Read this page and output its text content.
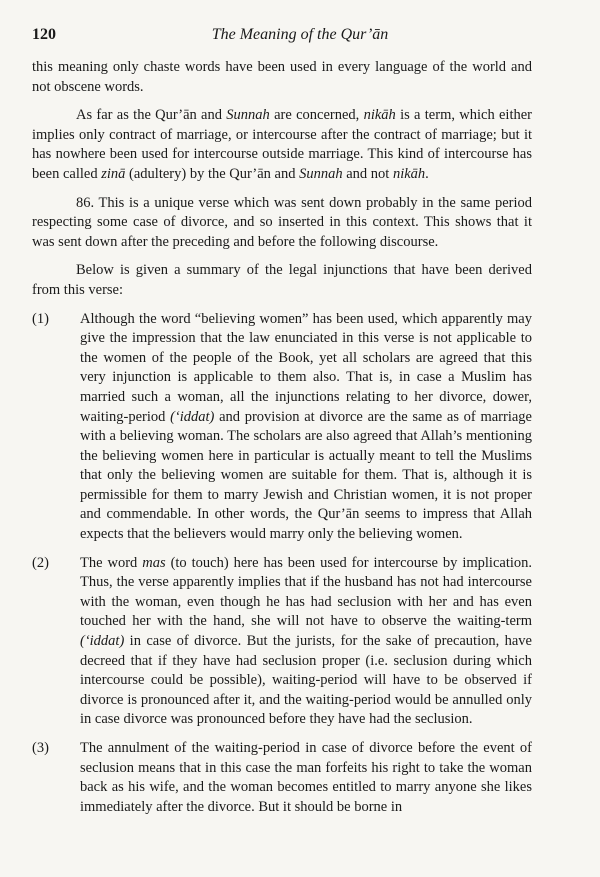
The Meaning of the Qur’ān
120

this meaning only chaste words have been used in every language of the world and not obscene words.

As far as the Qur’ān and Sunnah are concerned, nikāh is a term, which either implies only contract of marriage, or intercourse after the contract of marriage; but it has nowhere been used for intercourse outside marriage. This kind of intercourse has been called zinā (adultery) by the Qur’ān and Sunnah and not nikāh.

86. This is a unique verse which was sent down probably in the same period respecting some case of divorce, and so inserted in this context. This shows that it was sent down after the preceding and before the following discourse.

Below is given a summary of the legal injunctions that have been derived from this verse:

(1)	Although the word “believing women” has been used, which apparently may give the impression that the law enunciated in this verse is not applicable to the women of the people of the Book, yet all scholars are agreed that this very injunction is applicable to them also. That is, in case a Muslim has married such a woman, all the injunctions relating to her divorce, dower, waiting-period (‘iddat) and provision at divorce are the same as of marriage with a believing woman. The scholars are also agreed that Allah’s mentioning the believing women here in particular is actually meant to tell the Muslims that only the believing women are suitable for them. That is, although it is permissible for them to marry Jewish and Christian women, it is not proper and commendable. In other words, the Qur’ān seems to impress that Allah expects that the believers would marry only the believing women.
(2)	The word mas (to touch) here has been used for intercourse by implication. Thus, the verse apparently implies that if the husband has not had intercourse with the woman, even though he has had seclusion with her and has even touched her with the hand, she will not have to observe the waiting-term (‘iddat) in case of divorce. But the jurists, for the sake of precaution, have decreed that if they have had seclusion proper (i.e. seclusion during which intercourse could be possible), waiting-period will have to be observed if divorce is pronounced after it, and the waiting-period would be annulled only in case divorce was pronounced before they have had the seclusion.
(3)	The annulment of the waiting-period in case of divorce before the event of seclusion means that in this case the man forfeits his right to take the woman back as his wife, and the woman becomes entitled to marry anyone she likes immediately after the divorce. But it should be borne in
